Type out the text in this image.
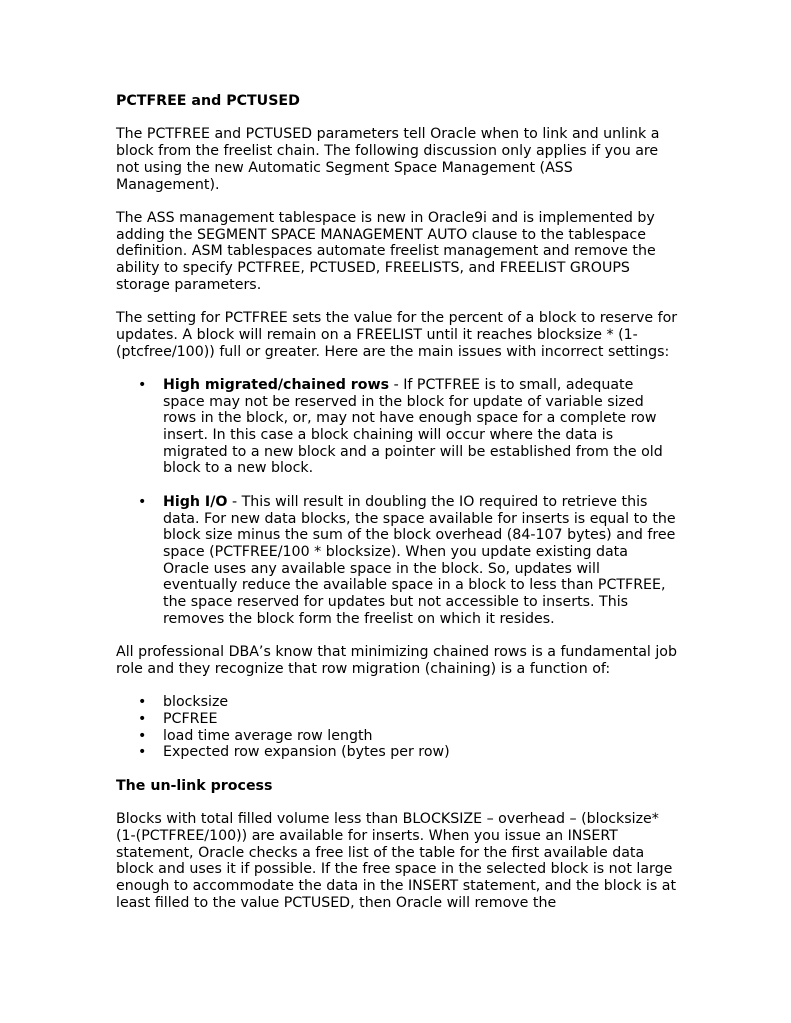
PCTFREE and PCTUSED

The PCTFREE and PCTUSED parameters tell Oracle when to link and unlink a block from the freelist chain. The following discussion only applies if you are not using the new Automatic Segment Space Management (ASS Management).

The ASS management tablespace is new in Oracle9i and is implemented by adding the SEGMENT SPACE MANAGEMENT AUTO clause to the tablespace definition. ASM tablespaces automate freelist management and remove the ability to specify PCTFREE, PCTUSED, FREELISTS, and FREELIST GROUPS storage parameters.

The setting for PCTFREE sets the value for the percent of a block to reserve for updates. A block will remain on a FREELIST until it reaches blocksize * (1-(ptcfree/100)) full or greater. Here are the main issues with incorrect settings:

• High migrated/chained rows - If PCTFREE is to small, adequate space may not be reserved in the block for update of variable sized rows in the block, or, may not have enough space for a complete row insert. In this case a block chaining will occur where the data is migrated to a new block and a pointer will be established from the old block to a new block.
• High I/O - This will result in doubling the IO required to retrieve this data. For new data blocks, the space available for inserts is equal to the block size minus the sum of the block overhead (84-107 bytes) and free space (PCTFREE/100 * blocksize). When you update existing data Oracle uses any available space in the block. So, updates will eventually reduce the available space in a block to less than PCTFREE, the space reserved for updates but not accessible to inserts. This removes the block form the freelist on which it resides.

All professional DBA’s know that minimizing chained rows is a fundamental job role and they recognize that row migration (chaining) is a function of:

• blocksize
• PCFREE
• load time average row length
• Expected row expansion (bytes per row)

The un-link process

Blocks with total filled volume less than BLOCKSIZE – overhead – (blocksize*(1-(PCTFREE/100)) are available for inserts. When you issue an INSERT statement, Oracle checks a free list of the table for the first available data block and uses it if possible. If the free space in the selected block is not large enough to accommodate the data in the INSERT statement, and the block is at least filled to the value PCTUSED, then Oracle will remove the
